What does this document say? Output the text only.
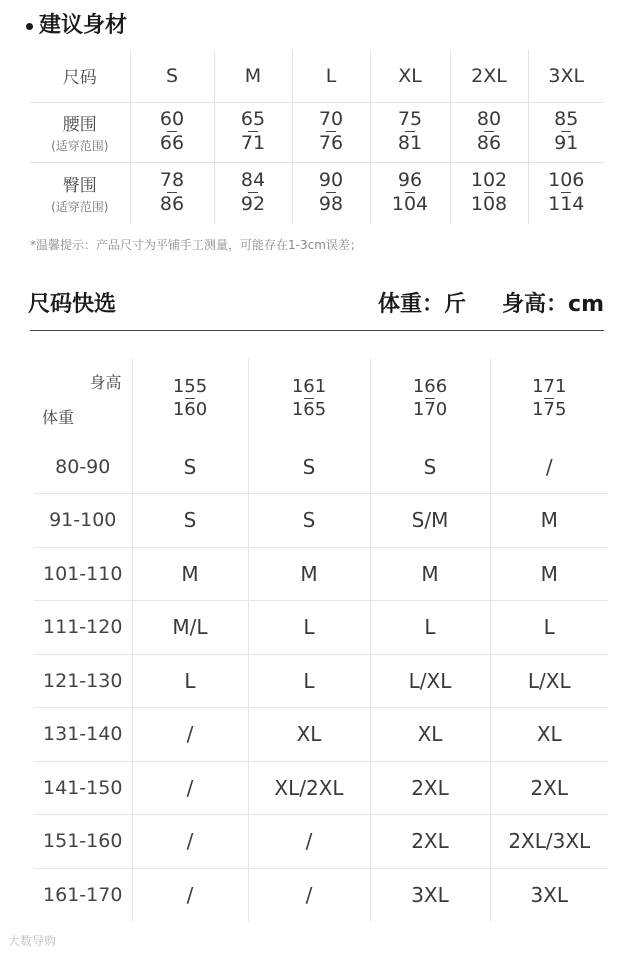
建议身材
尺码	S	M	L	XL	2XL	3XL
腰围
(适穿范围)	$\frac{60}{66}$	$\frac{65}{71}$	$\frac{70}{76}$	$\frac{75}{81}$	$\frac{80}{86}$	$\frac{85}{91}$

臀围
(适穿范围)	$\frac{78}{86}$	$\frac{84}{92}$	$\frac{90}{98}$	$\frac{96}{104}$	$\frac{102}{108}$	$\frac{106}{114}$
*温馨提示：产品尺寸为平铺手工测量，可能存在1-3cm误差；
尺码快选	体重：斤 身高：cm
身高
体重	$\frac{155}{160}$	$\frac{161}{165}$	$\frac{166}{170}$	$\frac{171}{175}$

80-90	S	S	S	/
91-100	S	S	S/M	M
101-110	M	M	M	M
111-120	M/L	L	L	L
121-130	L	L	L/XL	L/XL
131-140	/	XL	XL	XL
141-150	/	XL/2XL	2XL	2XL
151-160	/	/	2XL	2XL/3XL
161-170	/	/	3XL	3XL
大数导购
